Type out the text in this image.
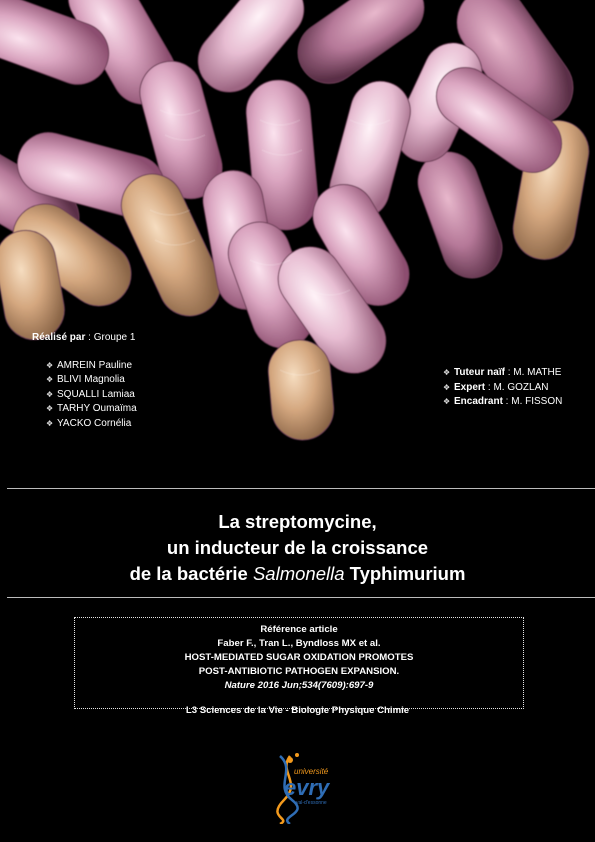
Réalisé par : Groupe 1
❖ AMREIN Pauline
❖ BLIVI Magnolia
❖ SQUALLI Lamiaa
❖ TARHY Oumaïma
❖ YACKO Cornélia
❖ Tuteur naïf : M. MATHE
❖ Expert : M. GOZLAN
❖ Encadrant : M. FISSON
La streptomycine,
un inducteur de la croissance
de la bactérie Salmonella Typhimurium
Référence article
Faber F., Tran L., Byndloss MX et al.
HOST-MEDIATED SUGAR OXIDATION PROMOTES
POST-ANTIBIOTIC PATHOGEN EXPANSION.
Nature 2016 Jun;534(7609):697-9
L3 Sciences de la Vie - Biologie Physique Chimie
université
evry
val-d'essonne
